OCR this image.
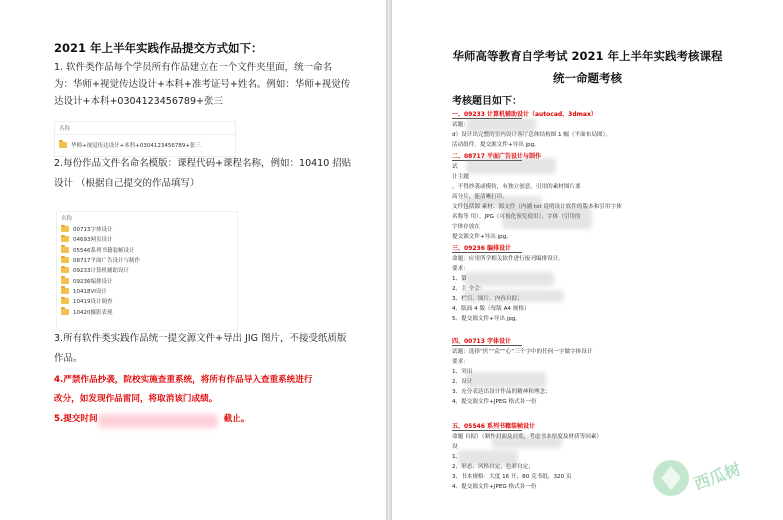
2021 年上半年实践作品提交方式如下：
1. 软件类作品每个学员所有作品建立在一个文件夹里面，统一命名
为：华师+视觉传达设计+本科+准考证号+姓名。例如：华师+视觉传
达设计+本科+0304123456789+张三
名称
华师+视觉传达设计+本科+0304123456789+张三
2.每份作品文件名命名模版：课程代码+课程名称，例如：10410 招贴
设计 （根据自己提交的作品填写）
名称
00713字体设计
04693网页设计
05546系列书籍装帧设计
08717平面广告设计与制作
09233计算机辅助设计
09236编排设计
10418VI设计
10419设计调查
10420摄影表现
3.所有软件类实践作品统一提交源文件+导出 JIG 图片，不接受纸质版
作品。
4.严禁作品抄袭，院校实施查重系统，将所有作品导入查重系统进行
改分，如发现作品雷同，将取消该门成绩。
5.提交时间	截止。
华师高等教育自学考试 2021 年上半年实践考核课程
统一命题考核
考核题目如下：
一、09233 计算机辅助设计（autocad、3dmax）
试题：
d）设计出完整的室内设计客厅总体结构图 1 幅（平面布局图），
活动组件。提交源文件+导出 jpg。
二、08717 平面广告设计与制作
试
计主题
，不得抄袭或模仿，有独立创意，引用的素材图片要
高分片，能清晰打印。
文件包括源 素材、源文件（内涵 txt 说明设计软件的版本和引用字体
名称等 用）、JPG（可视化预览使用）、字体（引用的
字体存放在
提交源文件+导出 jpg。
三、09236 编排设计
命题：应用所学相关软件进行报刊编排设计。
要求：
1、第
2、主 全会：
3、栏目、图片、内容自拟；
4、版面 4 版（每版 A4 规格）
5、提交源文件+导出 jpg。
四、00713 字体设计
试题：选择“医”“众”“心”三个字中的任何一字做字体设计
要求：
1、突出
2、设计
3、充分表达出设计作品的精神和理念；
4、提交源文件+JPEG 格式各一份
五、05546 系列书籍装帧设计
命题 自拟）（制作封面及封底，考虑书本厚度及材质等因素）
设
1、
2、形态、风格自定，色彩自定；
3、书本规格：大度 16 开，80 克书纸，320 页
4、提交源文件+JPEG 格式各一份	西瓜树
